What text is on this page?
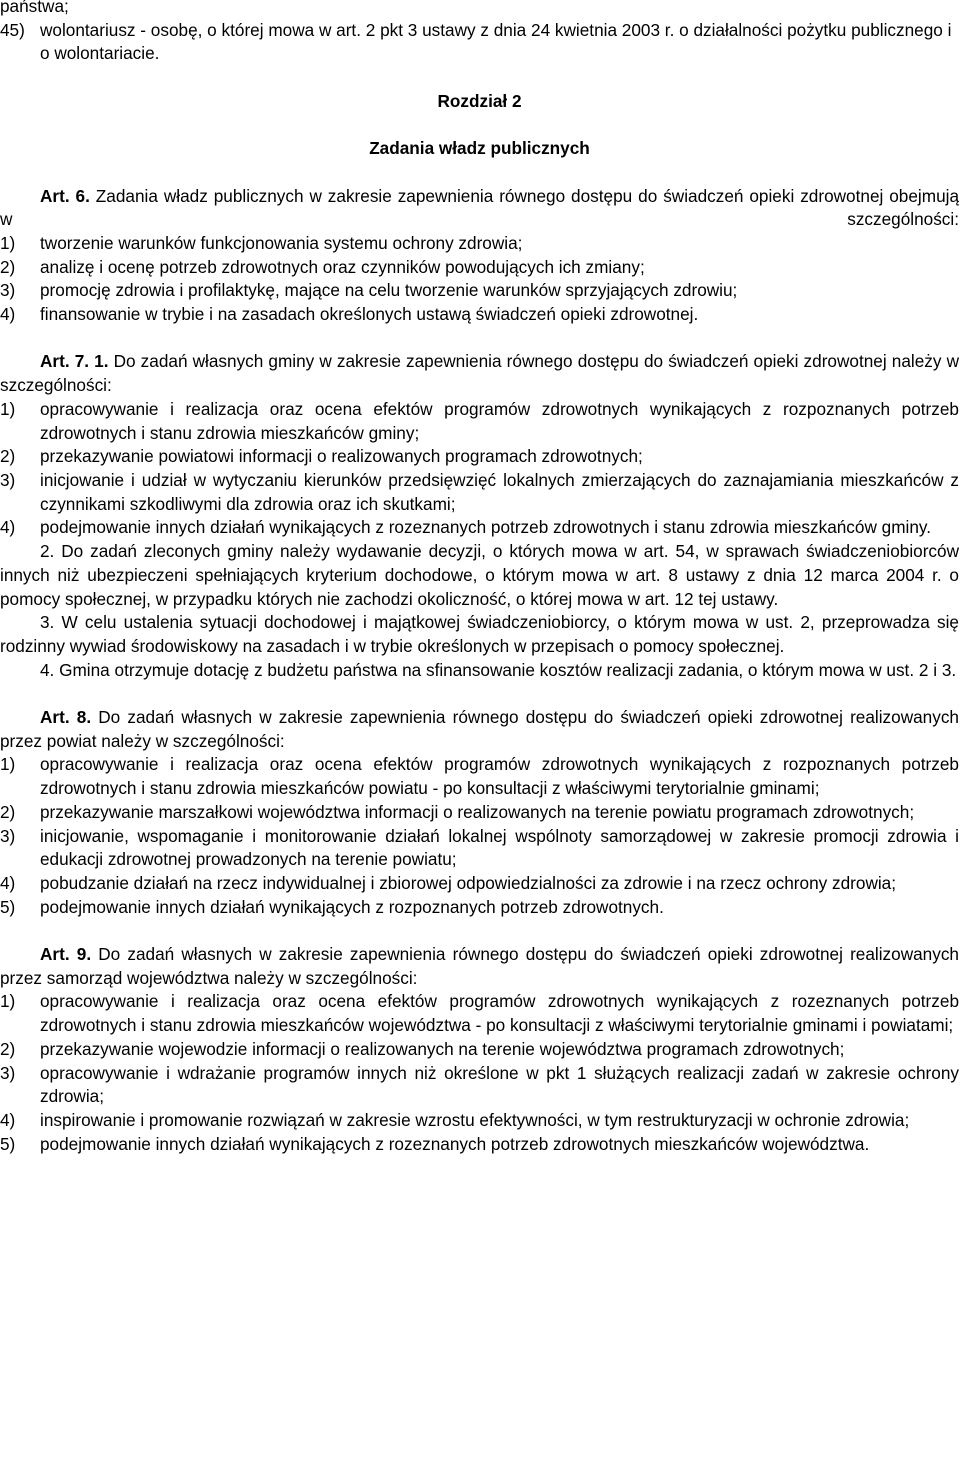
państwa;

45) wolontariusz - osobę, o której mowa w art. 2 pkt 3 ustawy z dnia 24 kwietnia 2003 r. o działalności pożytku publicznego i o wolontariacie.

Rozdział 2

Zadania władz publicznych

Art. 6. Zadania władz publicznych w zakresie zapewnienia równego dostępu do świadczeń opieki zdrowotnej obejmują w szczególności:

1) tworzenie warunków funkcjonowania systemu ochrony zdrowia;

2) analizę i ocenę potrzeb zdrowotnych oraz czynników powodujących ich zmiany;

3) promocję zdrowia i profilaktykę, mające na celu tworzenie warunków sprzyjających zdrowiu;

4) finansowanie w trybie i na zasadach określonych ustawą świadczeń opieki zdrowotnej.

Art. 7. 1. Do zadań własnych gminy w zakresie zapewnienia równego dostępu do świadczeń opieki zdrowotnej należy w szczególności:

1) opracowywanie i realizacja oraz ocena efektów programów zdrowotnych wynikających z rozpoznanych potrzeb zdrowotnych i stanu zdrowia mieszkańców gminy;

2) przekazywanie powiatowi informacji o realizowanych programach zdrowotnych;

3) inicjowanie i udział w wytyczaniu kierunków przedsięwzięć lokalnych zmierzających do zaznajamiania mieszkańców z czynnikami szkodliwymi dla zdrowia oraz ich skutkami;

4) podejmowanie innych działań wynikających z rozeznanych potrzeb zdrowotnych i stanu zdrowia mieszkańców gminy.

2. Do zadań zleconych gminy należy wydawanie decyzji, o których mowa w art. 54, w sprawach świadczeniobiorców innych niż ubezpieczeni spełniających kryterium dochodowe, o którym mowa w art. 8 ustawy z dnia 12 marca 2004 r. o pomocy społecznej, w przypadku których nie zachodzi okoliczność, o której mowa w art. 12 tej ustawy.

3. W celu ustalenia sytuacji dochodowej i majątkowej świadczeniobiorcy, o którym mowa w ust. 2, przeprowadza się rodzinny wywiad środowiskowy na zasadach i w trybie określonych w przepisach o pomocy społecznej.

4. Gmina otrzymuje dotację z budżetu państwa na sfinansowanie kosztów realizacji zadania, o którym mowa w ust. 2 i 3.

Art. 8. Do zadań własnych w zakresie zapewnienia równego dostępu do świadczeń opieki zdrowotnej realizowanych przez powiat należy w szczególności:

1) opracowywanie i realizacja oraz ocena efektów programów zdrowotnych wynikających z rozpoznanych potrzeb zdrowotnych i stanu zdrowia mieszkańców powiatu - po konsultacji z właściwymi terytorialnie gminami;

2) przekazywanie marszałkowi województwa informacji o realizowanych na terenie powiatu programach zdrowotnych;

3) inicjowanie, wspomaganie i monitorowanie działań lokalnej wspólnoty samorządowej w zakresie promocji zdrowia i edukacji zdrowotnej prowadzonych na terenie powiatu;

4) pobudzanie działań na rzecz indywidualnej i zbiorowej odpowiedzialności za zdrowie i na rzecz ochrony zdrowia;

5) podejmowanie innych działań wynikających z rozpoznanych potrzeb zdrowotnych.

Art. 9. Do zadań własnych w zakresie zapewnienia równego dostępu do świadczeń opieki zdrowotnej realizowanych przez samorząd województwa należy w szczególności:

1) opracowywanie i realizacja oraz ocena efektów programów zdrowotnych wynikających z rozeznanych potrzeb zdrowotnych i stanu zdrowia mieszkańców województwa - po konsultacji z właściwymi terytorialnie gminami i powiatami;

2) przekazywanie wojewodzie informacji o realizowanych na terenie województwa programach zdrowotnych;

3) opracowywanie i wdrażanie programów innych niż określone w pkt 1 służących realizacji zadań w zakresie ochrony zdrowia;

4) inspirowanie i promowanie rozwiązań w zakresie wzrostu efektywności, w tym restrukturyzacji w ochronie zdrowia;

5) podejmowanie innych działań wynikających z rozeznanych potrzeb zdrowotnych mieszkańców województwa.
